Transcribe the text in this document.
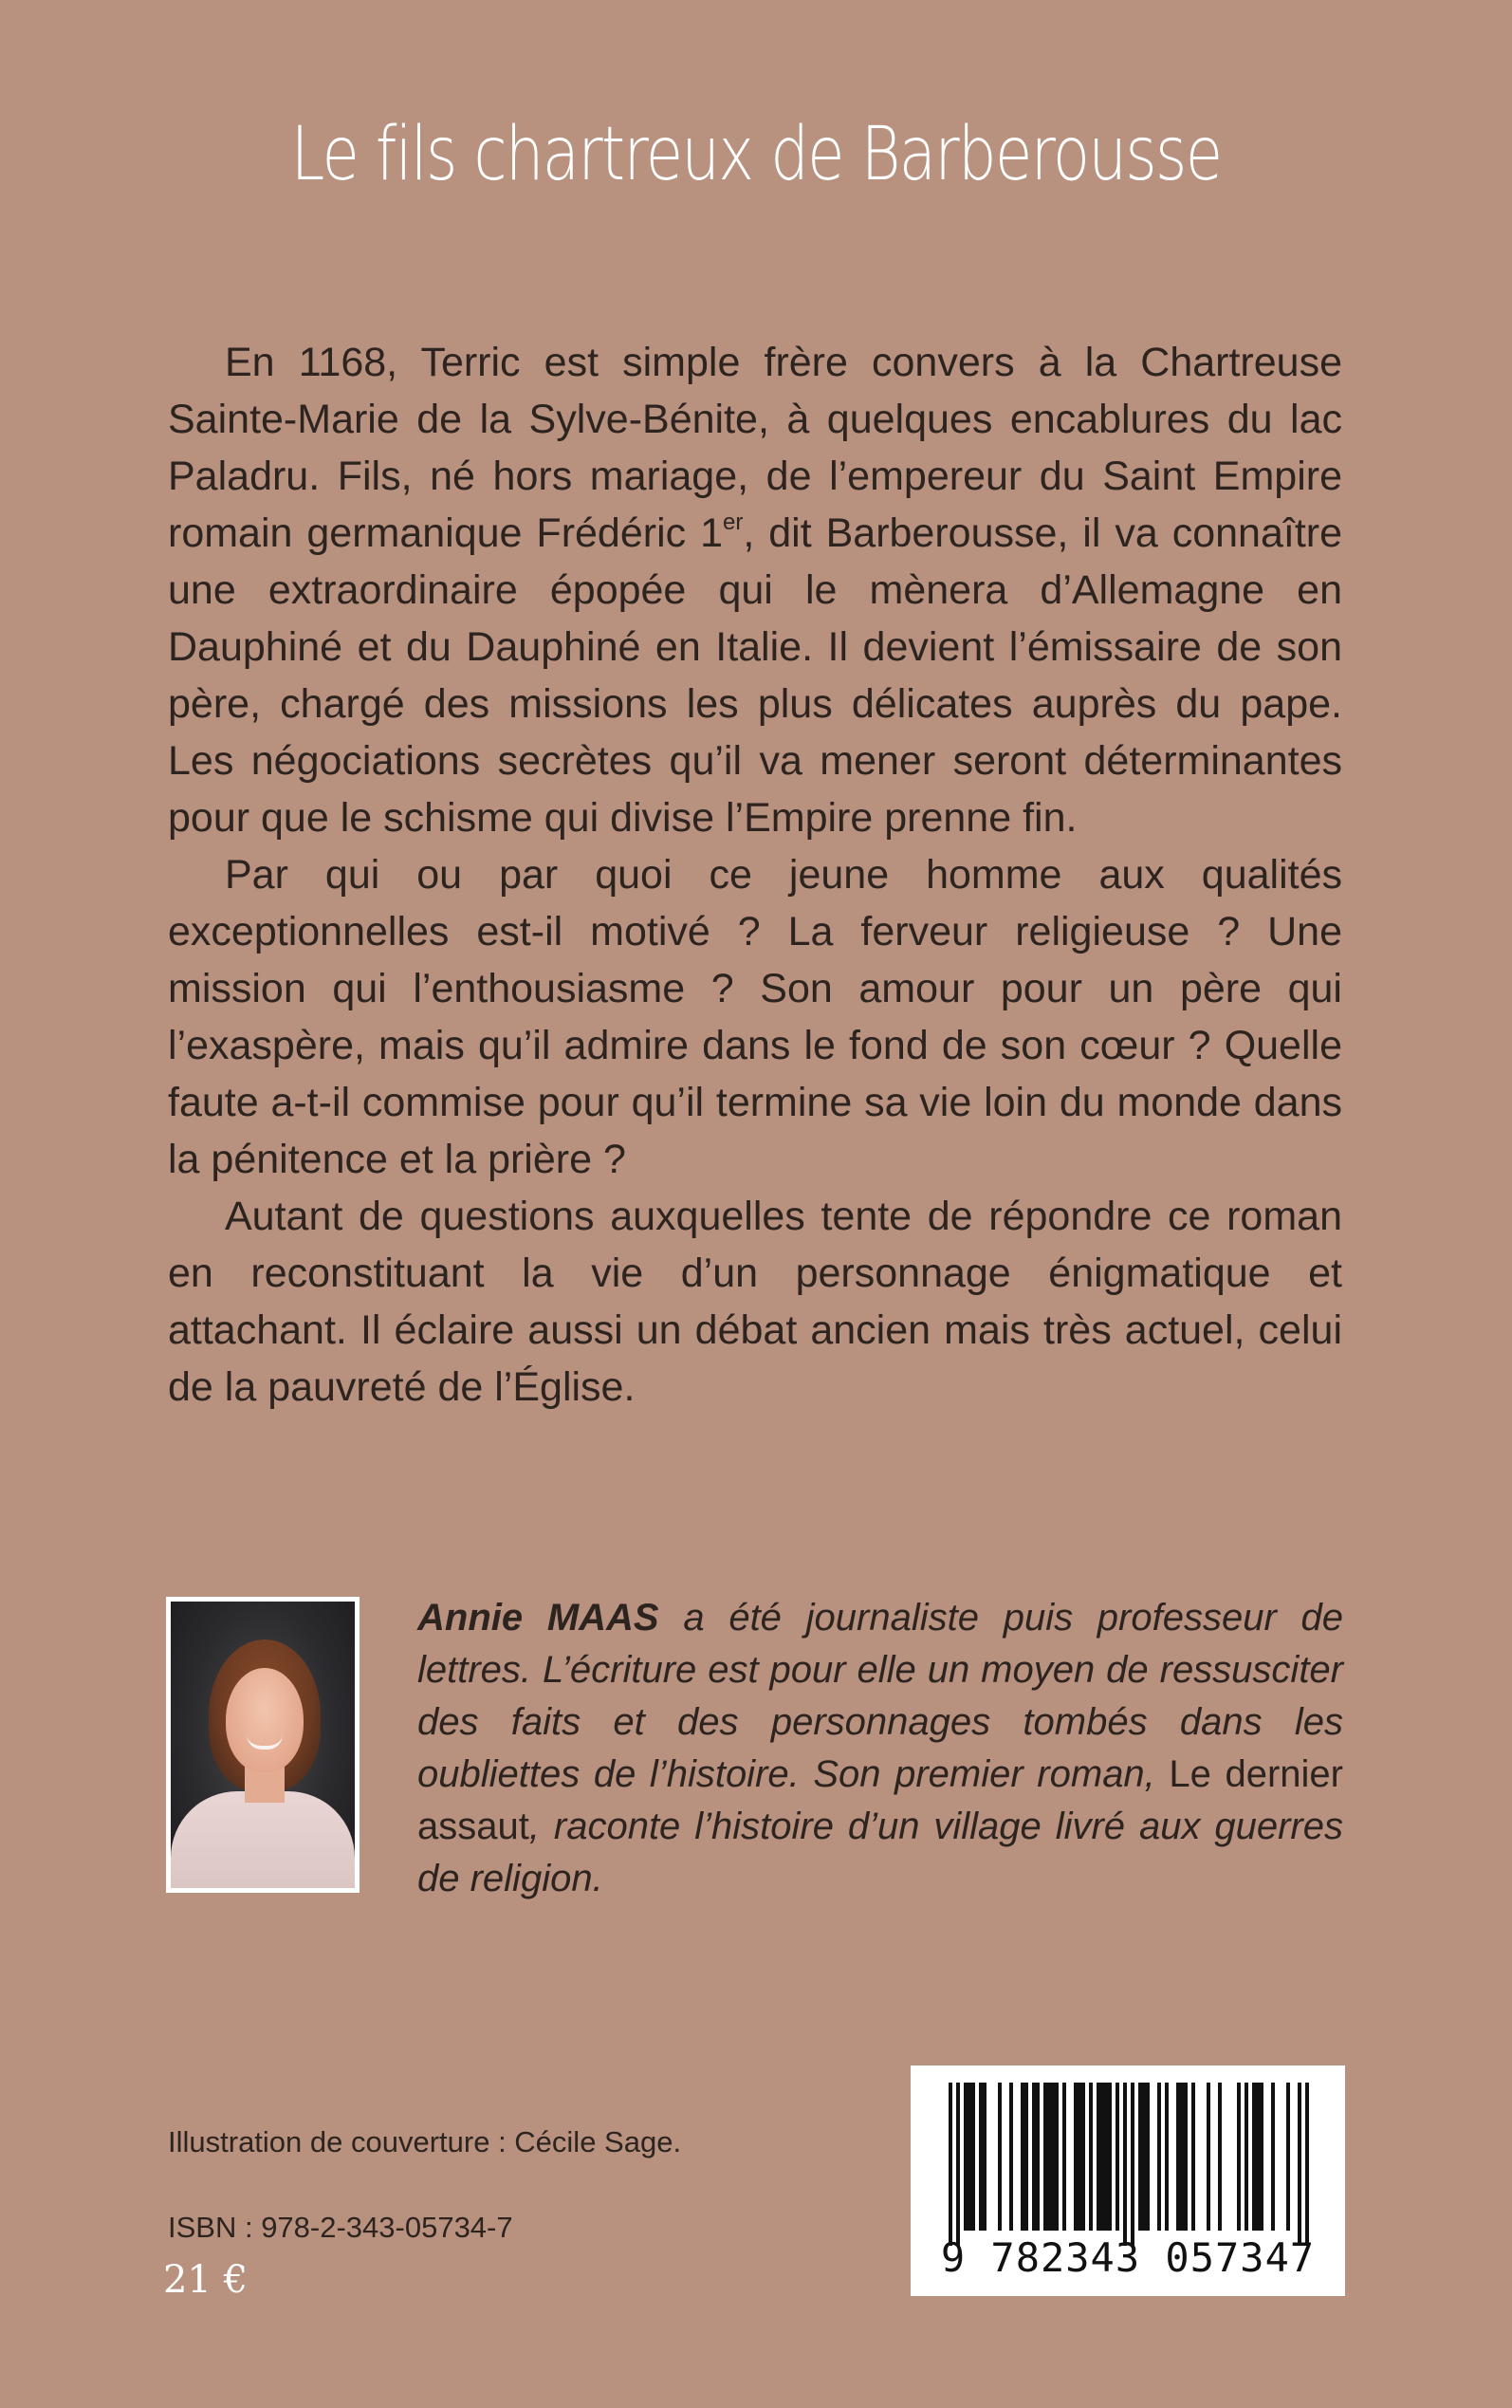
Le fils chartreux de Barberousse

En 1168, Terric est simple frère convers à la Chartreuse Sainte-Marie de la Sylve-Bénite, à quelques encablures du lac Paladru. Fils, né hors mariage, de l’empereur du Saint Empire romain germanique Frédéric 1er, dit Barberousse, il va connaître une extraordinaire épopée qui le mènera d’Allemagne en Dauphiné et du Dauphiné en Italie. Il devient l’émissaire de son père, chargé des missions les plus délicates auprès du pape. Les négociations secrètes qu’il va mener seront déterminantes pour que le schisme qui divise l’Empire prenne fin.

Par qui ou par quoi ce jeune homme aux qualités exceptionnelles est-il motivé ? La ferveur religieuse ? Une mission qui l’enthousiasme ? Son amour pour un père qui l’exaspère, mais qu’il admire dans le fond de son cœur ? Quelle faute a-t-il commise pour qu’il termine sa vie loin du monde dans la pénitence et la prière ?

Autant de questions auxquelles tente de répondre ce roman en reconstituant la vie d’un personnage énigmatique et attachant. Il éclaire aussi un débat ancien mais très actuel, celui de la pauvreté de l’Église.

Annie MAAS a été journaliste puis professeur de lettres. L’écriture est pour elle un moyen de ressusciter des faits et des personnages tombés dans les oubliettes de l’histoire. Son premier roman, Le dernier assaut, raconte l’histoire d’un village livré aux guerres de religion.
Illustration de couverture : Cécile Sage.
ISBN : 978-2-343-05734-7
21 €	9 782343 057347
